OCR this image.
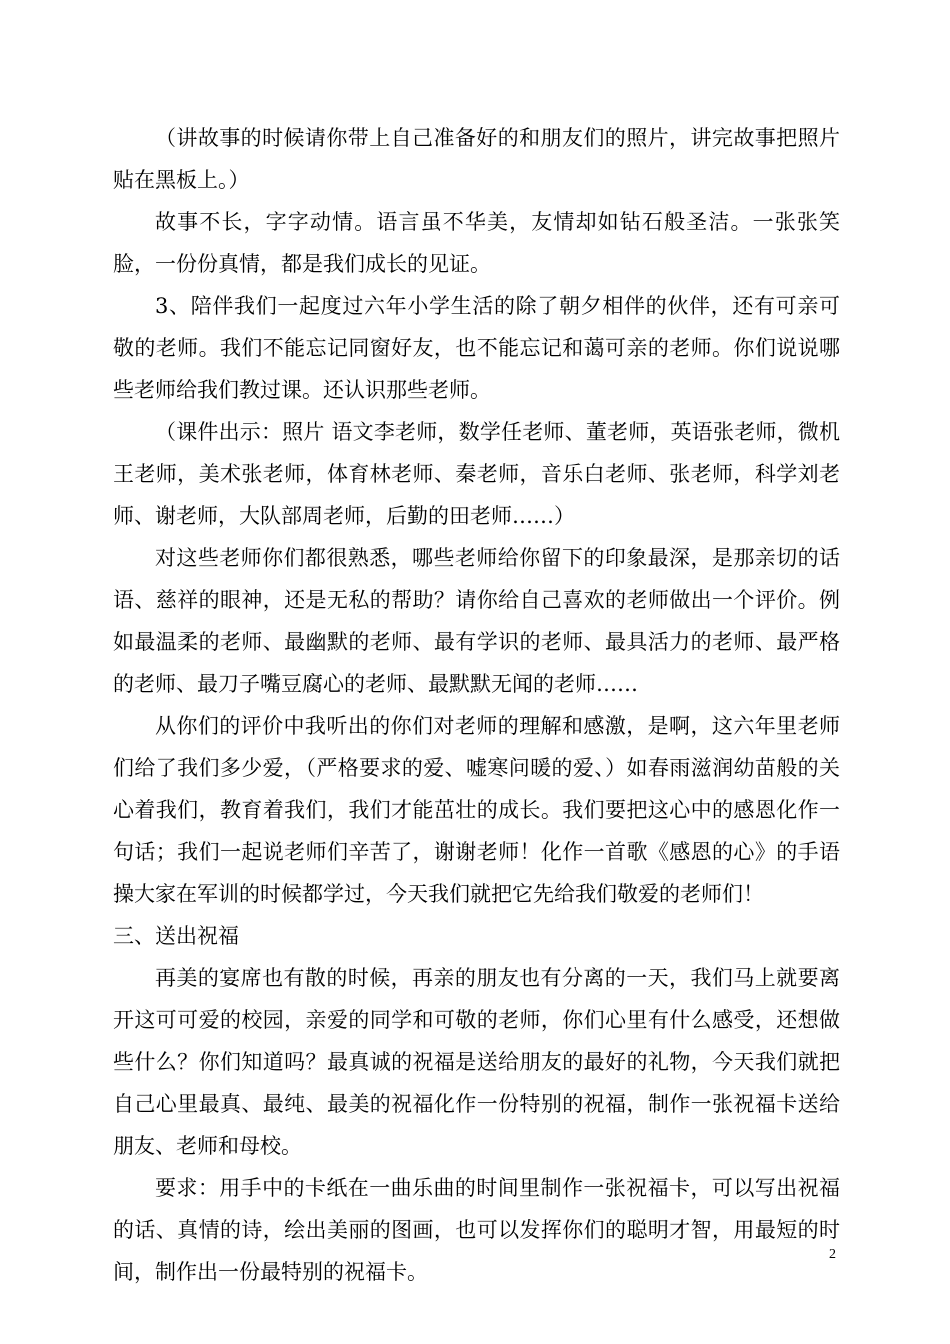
（讲故事的时候请你带上自己准备好的和朋友们的照片，讲完故事把照片贴在黑板上。）

故事不长，字字动情。语言虽不华美，友情却如钻石般圣洁。一张张笑脸，一份份真情，都是我们成长的见证。

3、陪伴我们一起度过六年小学生活的除了朝夕相伴的伙伴，还有可亲可敬的老师。我们不能忘记同窗好友，也不能忘记和蔼可亲的老师。你们说说哪些老师给我们教过课。还认识那些老师。

（课件出示：照片 语文李老师，数学任老师、董老师，英语张老师，微机王老师，美术张老师，体育林老师、秦老师，音乐白老师、张老师，科学刘老师、谢老师，大队部周老师，后勤的田老师……）

对这些老师你们都很熟悉，哪些老师给你留下的印象最深，是那亲切的话语、慈祥的眼神，还是无私的帮助？请你给自己喜欢的老师做出一个评价。例如最温柔的老师、最幽默的老师、最有学识的老师、最具活力的老师、最严格的老师、最刀子嘴豆腐心的老师、最默默无闻的老师……

从你们的评价中我听出的你们对老师的理解和感激，是啊，这六年里老师们给了我们多少爱，（严格要求的爱、嘘寒问暖的爱、）如春雨滋润幼苗般的关心着我们，教育着我们，我们才能茁壮的成长。我们要把这心中的感恩化作一句话；我们一起说老师们辛苦了，谢谢老师！化作一首歌《感恩的心》的手语操大家在军训的时候都学过，今天我们就把它先给我们敬爱的老师们！

三、送出祝福

再美的宴席也有散的时候，再亲的朋友也有分离的一天，我们马上就要离开这可可爱的校园，亲爱的同学和可敬的老师，你们心里有什么感受，还想做些什么？你们知道吗？最真诚的祝福是送给朋友的最好的礼物，今天我们就把自己心里最真、最纯、最美的祝福化作一份特别的祝福，制作一张祝福卡送给朋友、老师和母校。

要求：用手中的卡纸在一曲乐曲的时间里制作一张祝福卡，可以写出祝福的话、真情的诗，绘出美丽的图画，也可以发挥你们的聪明才智，用最短的时间，制作出一份最特别的祝福卡。

2
